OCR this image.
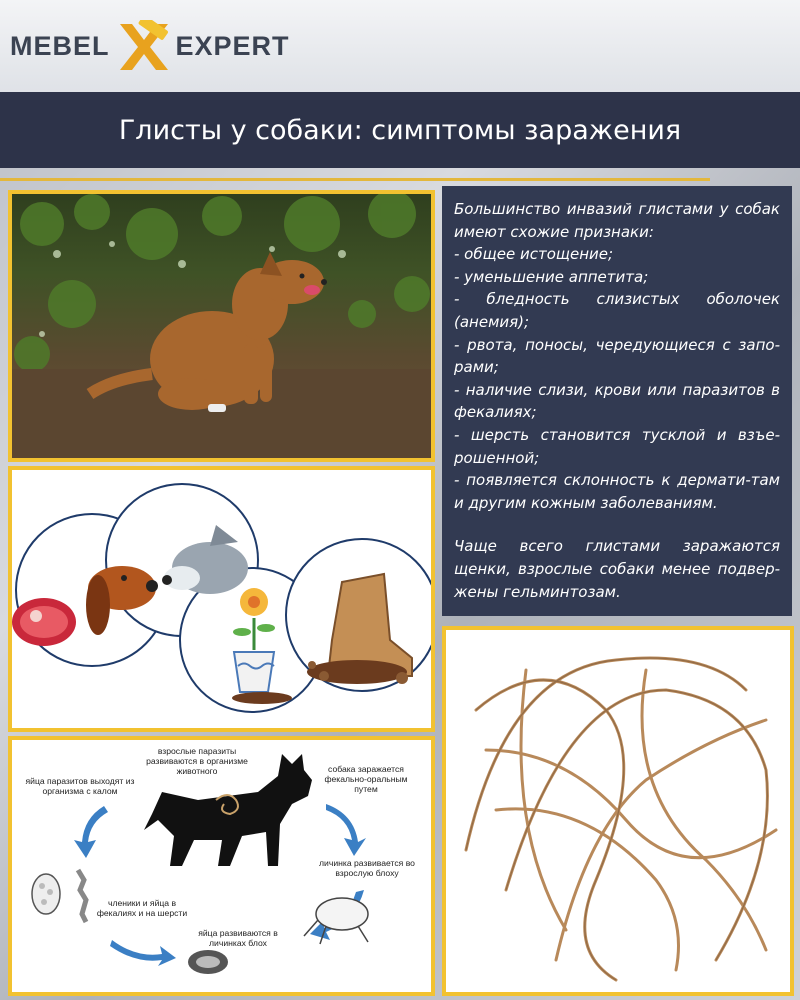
MEBEL EXPERT
Глисты у собаки: симптомы заражения
взрослые паразиты развиваются в организме животного
яйца паразитов выходят из организма с калом
собака заражается фекально-оральным путем
личинка развивается во взрослую блоху
членики и яйца в фекалиях и на шерсти
яйца развиваются в личинках блох

Большинство инвазий глистами у собак имеют схожие признаки:

- общее истощение;

- уменьшение аппетита;

- бледность слизистых оболочек (анемия);

- рвота, поносы, чередующиеся с запо-рами;

- наличие слизи, крови или паразитов в фекалиях;

- шерсть становится тусклой и взъе-рошенной;

- появляется склонность к дермати-там и другим кожным заболеваниям.

Чаще всего глистами заражаются щенки, взрослые собаки менее подвер-жены гельминтозам.
